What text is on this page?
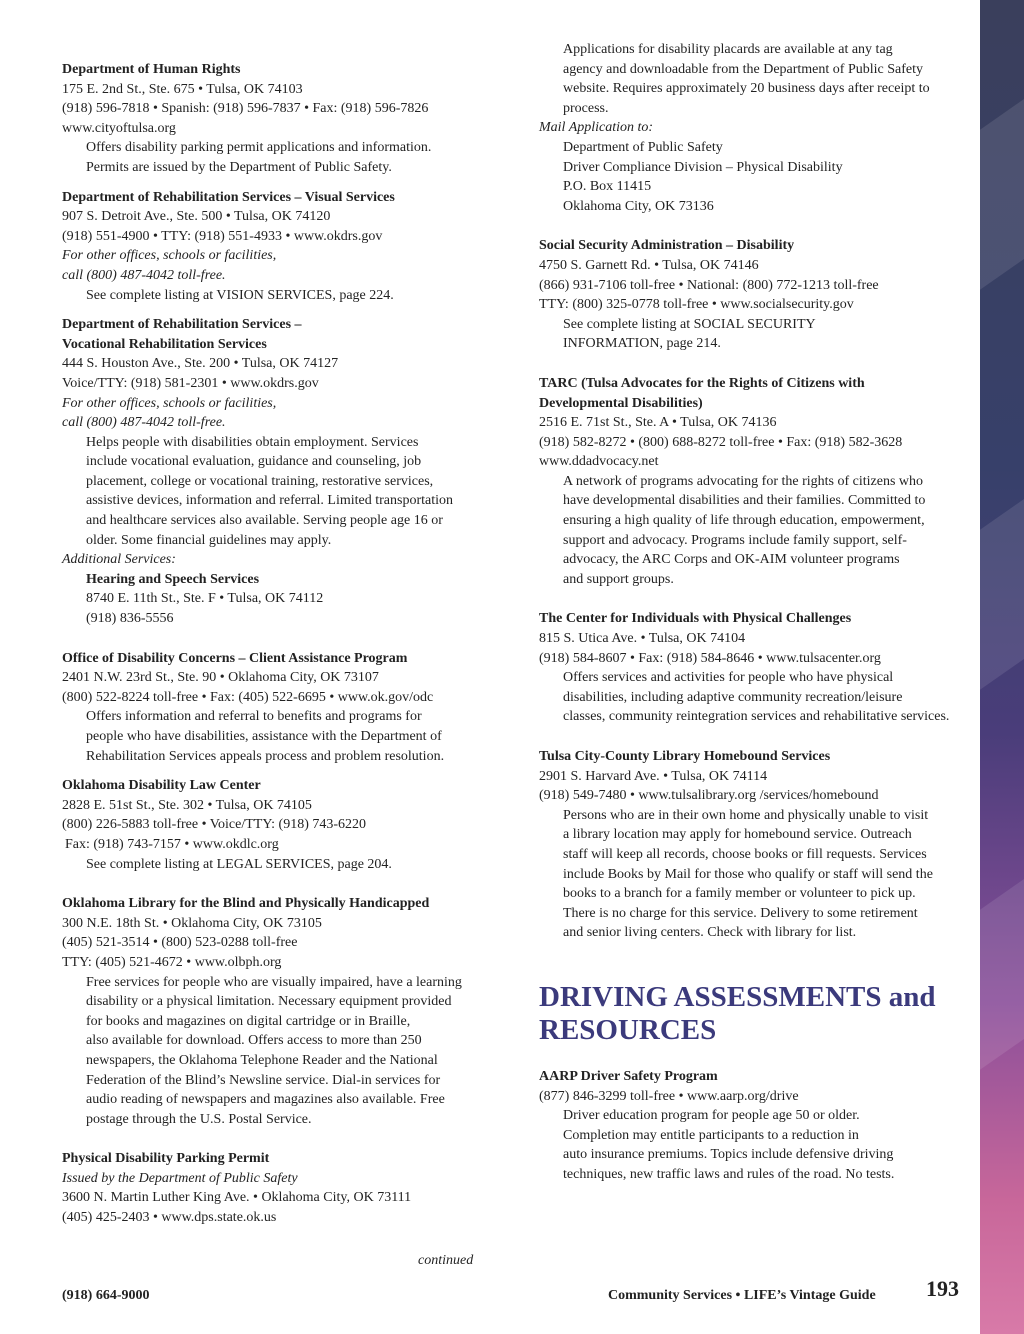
Department of Human Rights
175 E. 2nd St., Ste. 675 • Tulsa, OK 74103
(918) 596-7818 • Spanish: (918) 596-7837 • Fax: (918) 596-7826
www.cityoftulsa.org
Offers disability parking permit applications and information.
Permits are issued by the Department of Public Safety.
Department of Rehabilitation Services – Visual Services
907 S. Detroit Ave., Ste. 500 • Tulsa, OK 74120
(918) 551-4900 • TTY: (918) 551-4933 • www.okdrs.gov
For other offices, schools or facilities,
call (800) 487-4042 toll-free.
See complete listing at VISION SERVICES, page 224.
Department of Rehabilitation Services –
Vocational Rehabilitation Services
444 S. Houston Ave., Ste. 200 • Tulsa, OK 74127
Voice/TTY: (918) 581-2301 • www.okdrs.gov
For other offices, schools or facilities,
call (800) 487-4042 toll-free.
Helps people with disabilities obtain employment. Services
include vocational evaluation, guidance and counseling, job
placement, college or vocational training, restorative services,
assistive devices, information and referral. Limited transportation
and healthcare services also available. Serving people age 16 or
older. Some financial guidelines may apply.
Additional Services:
Hearing and Speech Services
8740 E. 11th St., Ste. F • Tulsa, OK 74112
(918) 836-5556
Office of Disability Concerns – Client Assistance Program
2401 N.W. 23rd St., Ste. 90 • Oklahoma City, OK 73107
(800) 522-8224 toll-free • Fax: (405) 522-6695 • www.ok.gov/odc
Offers information and referral to benefits and programs for
people who have disabilities, assistance with the Department of
Rehabilitation Services appeals process and problem resolution.
Oklahoma Disability Law Center
2828 E. 51st St., Ste. 302 • Tulsa, OK 74105
(800) 226-5883 toll-free • Voice/TTY: (918) 743-6220
Fax: (918) 743-7157 • www.okdlc.org
See complete listing at LEGAL SERVICES, page 204.
Oklahoma Library for the Blind and Physically Handicapped
300 N.E. 18th St. • Oklahoma City, OK 73105
(405) 521-3514 • (800) 523-0288 toll-free
TTY: (405) 521-4672 • www.olbph.org
Free services for people who are visually impaired, have a learning
disability or a physical limitation. Necessary equipment provided
for books and magazines on digital cartridge or in Braille,
also available for download. Offers access to more than 250
newspapers, the Oklahoma Telephone Reader and the National
Federation of the Blind’s Newsline service. Dial-in services for
audio reading of newspapers and magazines also available. Free
postage through the U.S. Postal Service.
Physical Disability Parking Permit
Issued by the Department of Public Safety
3600 N. Martin Luther King Ave. • Oklahoma City, OK 73111
(405) 425-2403 • www.dps.state.ok.us
continued
Applications for disability placards are available at any tag
agency and downloadable from the Department of Public Safety
website. Requires approximately 20 business days after receipt to
process.
Mail Application to:
Department of Public Safety
Driver Compliance Division – Physical Disability
P.O. Box 11415
Oklahoma City, OK 73136
Social Security Administration – Disability
4750 S. Garnett Rd. • Tulsa, OK 74146
(866) 931-7106 toll-free • National: (800) 772-1213 toll-free
TTY: (800) 325-0778 toll-free • www.socialsecurity.gov
See complete listing at SOCIAL SECURITY
INFORMATION, page 214.
TARC (Tulsa Advocates for the Rights of Citizens with
Developmental Disabilities)
2516 E. 71st St., Ste. A • Tulsa, OK 74136
(918) 582-8272 • (800) 688-8272 toll-free • Fax: (918) 582-3628
www.ddadvocacy.net
A network of programs advocating for the rights of citizens who
have developmental disabilities and their families. Committed to
ensuring a high quality of life through education, empowerment,
support and advocacy. Programs include family support, self-
advocacy, the ARC Corps and OK-AIM volunteer programs
and support groups.
The Center for Individuals with Physical Challenges
815 S. Utica Ave. • Tulsa, OK 74104
(918) 584-8607 • Fax: (918) 584-8646 • www.tulsacenter.org
Offers services and activities for people who have physical
disabilities, including adaptive community recreation/leisure
classes, community reintegration services and rehabilitative services.
Tulsa City-County Library Homebound Services
2901 S. Harvard Ave. • Tulsa, OK 74114
(918) 549-7480 • www.tulsalibrary.org /services/homebound
Persons who are in their own home and physically unable to visit
a library location may apply for homebound service. Outreach
staff will keep all records, choose books or fill requests. Services
include Books by Mail for those who qualify or staff will send the
books to a branch for a family member or volunteer to pick up.
There is no charge for this service. Delivery to some retirement
and senior living centers. Check with library for list.
DRIVING ASSESSMENTS and
RESOURCES
AARP Driver Safety Program
(877) 846-3299 toll-free • www.aarp.org/drive
Driver education program for people age 50 or older.
Completion may entitle participants to a reduction in
auto insurance premiums. Topics include defensive driving
techniques, new traffic laws and rules of the road. No tests.
(918) 664-9000	Community Services • LIFE’s Vintage Guide 193
